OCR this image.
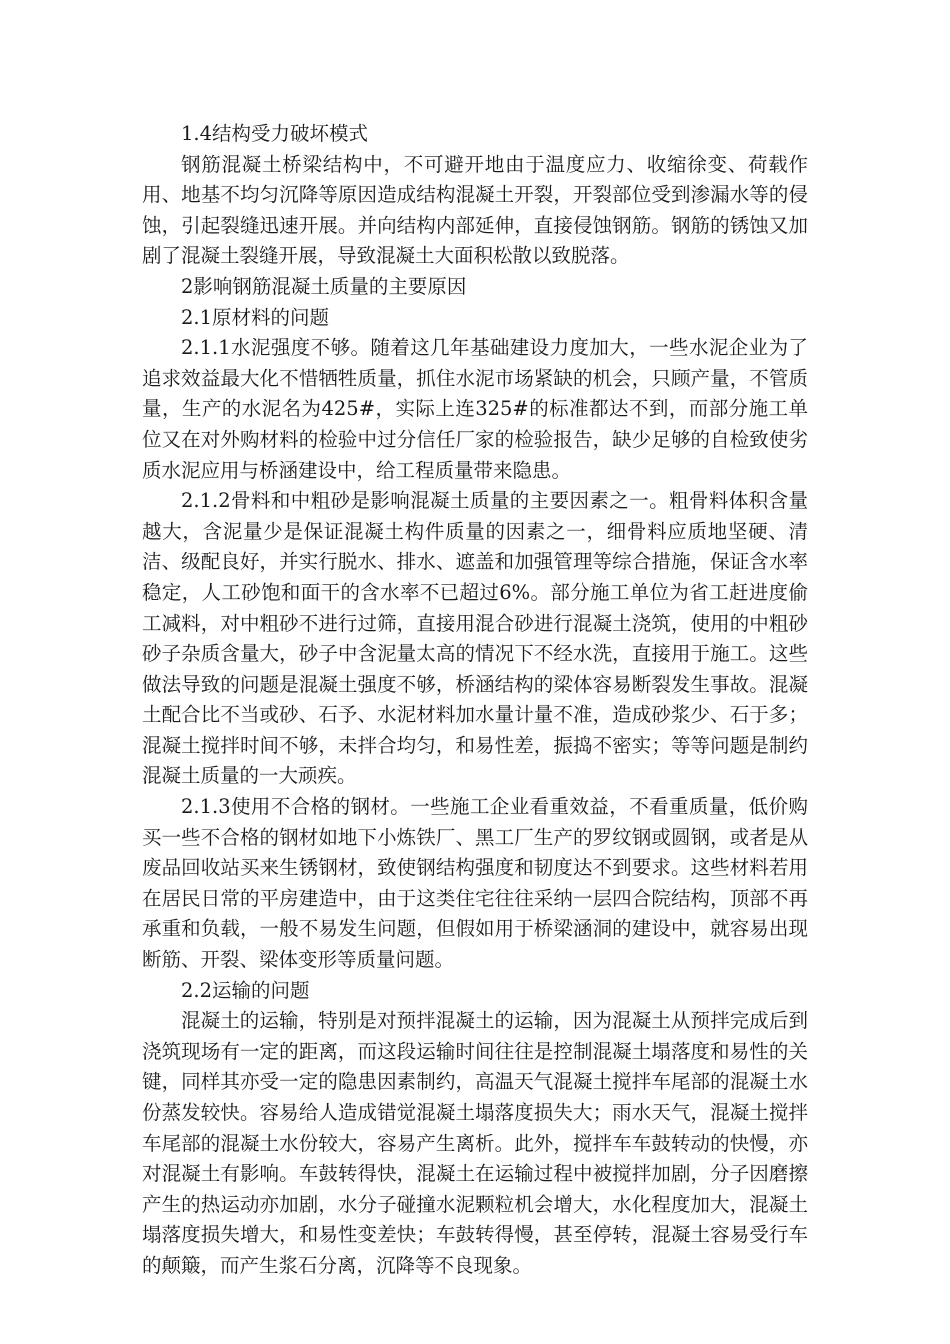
1.4结构受力破坏模式

钢筋混凝土桥梁结构中，不可避开地由于温度应力、收缩徐变、荷载作用、地基不均匀沉降等原因造成结构混凝土开裂，开裂部位受到渗漏水等的侵蚀，引起裂缝迅速开展。并向结构内部延伸，直接侵蚀钢筋。钢筋的锈蚀又加剧了混凝土裂缝开展，导致混凝土大面积松散以致脱落。

2影响钢筋混凝土质量的主要原因

2.1原材料的问题

2.1.1水泥强度不够。随着这几年基础建设力度加大，一些水泥企业为了追求效益最大化不惜牺牲质量，抓住水泥市场紧缺的机会，只顾产量，不管质量，生产的水泥名为425#，实际上连325#的标准都达不到，而部分施工单位又在对外购材料的检验中过分信任厂家的检验报告，缺少足够的自检致使劣质水泥应用与桥涵建设中，给工程质量带来隐患。

2.1.2骨料和中粗砂是影响混凝土质量的主要因素之一。粗骨料体积含量越大，含泥量少是保证混凝土构件质量的因素之一，细骨料应质地坚硬、清洁、级配良好，并实行脱水、排水、遮盖和加强管理等综合措施，保证含水率稳定，人工砂饱和面干的含水率不已超过6%。部分施工单位为省工赶进度偷工减料，对中粗砂不进行过筛，直接用混合砂进行混凝土浇筑，使用的中粗砂砂子杂质含量大，砂子中含泥量太高的情况下不经水洗，直接用于施工。这些做法导致的问题是混凝土强度不够，桥涵结构的梁体容易断裂发生事故。混凝土配合比不当或砂、石予、水泥材料加水量计量不准，造成砂浆少、石于多；混凝土搅拌时间不够，未拌合均匀，和易性差，振捣不密实；等等问题是制约混凝土质量的一大顽疾。

2.1.3使用不合格的钢材。一些施工企业看重效益，不看重质量，低价购买一些不合格的钢材如地下小炼铁厂、黑工厂生产的罗纹钢或圆钢，或者是从废品回收站买来生锈钢材，致使钢结构强度和韧度达不到要求。这些材料若用在居民日常的平房建造中，由于这类住宅往往采纳一层四合院结构，顶部不再承重和负载，一般不易发生问题，但假如用于桥梁涵洞的建设中，就容易出现断筋、开裂、梁体变形等质量问题。

2.2运输的问题

混凝土的运输，特别是对预拌混凝土的运输，因为混凝土从预拌完成后到浇筑现场有一定的距离，而这段运输时间往往是控制混凝土塌落度和易性的关键，同样其亦受一定的隐患因素制约，高温天气混凝土搅拌车尾部的混凝土水份蒸发较快。容易给人造成错觉混凝土塌落度损失大；雨水天气，混凝土搅拌车尾部的混凝土水份较大，容易产生离析。此外，搅拌车车鼓转动的快慢，亦对混凝土有影响。车鼓转得快，混凝土在运输过程中被搅拌加剧，分子因磨擦产生的热运动亦加剧，水分子碰撞水泥颗粒机会增大，水化程度加大，混凝土塌落度损失增大，和易性变差快；车鼓转得慢，甚至停转，混凝土容易受行车的颠簸，而产生浆石分离，沉降等不良现象。
